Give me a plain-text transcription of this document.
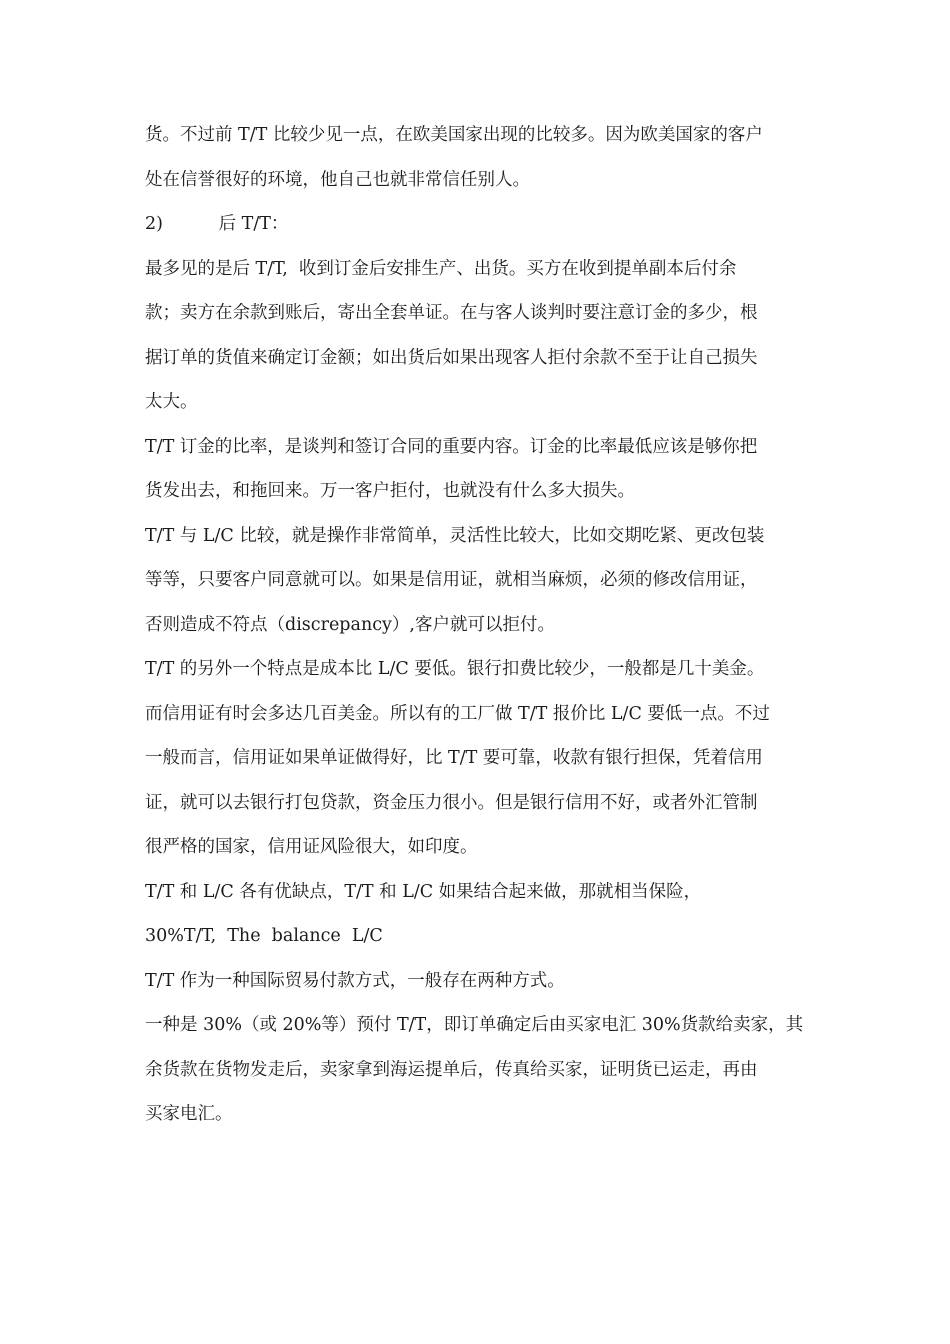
货。不过前 T/T 比较少见一点，在欧美国家出现的比较多。因为欧美国家的客户
处在信誉很好的环境，他自己也就非常信任别人。
2)          后 T/T：
最多见的是后 T/T,  收到订金后安排生产、出货。买方在收到提单副本后付余
款；卖方在余款到账后，寄出全套单证。在与客人谈判时要注意订金的多少，根
据订单的货值来确定订金额；如出货后如果出现客人拒付余款不至于让自己损失
太大。
T/T 订金的比率，是谈判和签订合同的重要内容。订金的比率最低应该是够你把
货发出去，和拖回来。万一客户拒付，也就没有什么多大损失。
T/T 与 L/C 比较，就是操作非常简单，灵活性比较大，比如交期吃紧、更改包装
等等，只要客户同意就可以。如果是信用证，就相当麻烦，必须的修改信用证，
否则造成不符点（discrepancy）,客户就可以拒付。
T/T 的另外一个特点是成本比 L/C 要低。银行扣费比较少，一般都是几十美金。
而信用证有时会多达几百美金。所以有的工厂做 T/T 报价比 L/C 要低一点。不过
一般而言，信用证如果单证做得好，比 T/T 要可靠，收款有银行担保，凭着信用
证，就可以去银行打包贷款，资金压力很小。但是银行信用不好，或者外汇管制
很严格的国家，信用证风险很大，如印度。
T/T 和 L/C 各有优缺点，T/T 和 L/C 如果结合起来做，那就相当保险，
30%T/T,  The  balance  L/C
T/T 作为一种国际贸易付款方式，一般存在两种方式。
一种是 30%（或 20%等）预付 T/T，即订单确定后由买家电汇 30%货款给卖家，其
余货款在货物发走后，卖家拿到海运提单后，传真给买家，证明货已运走，再由
买家电汇。
